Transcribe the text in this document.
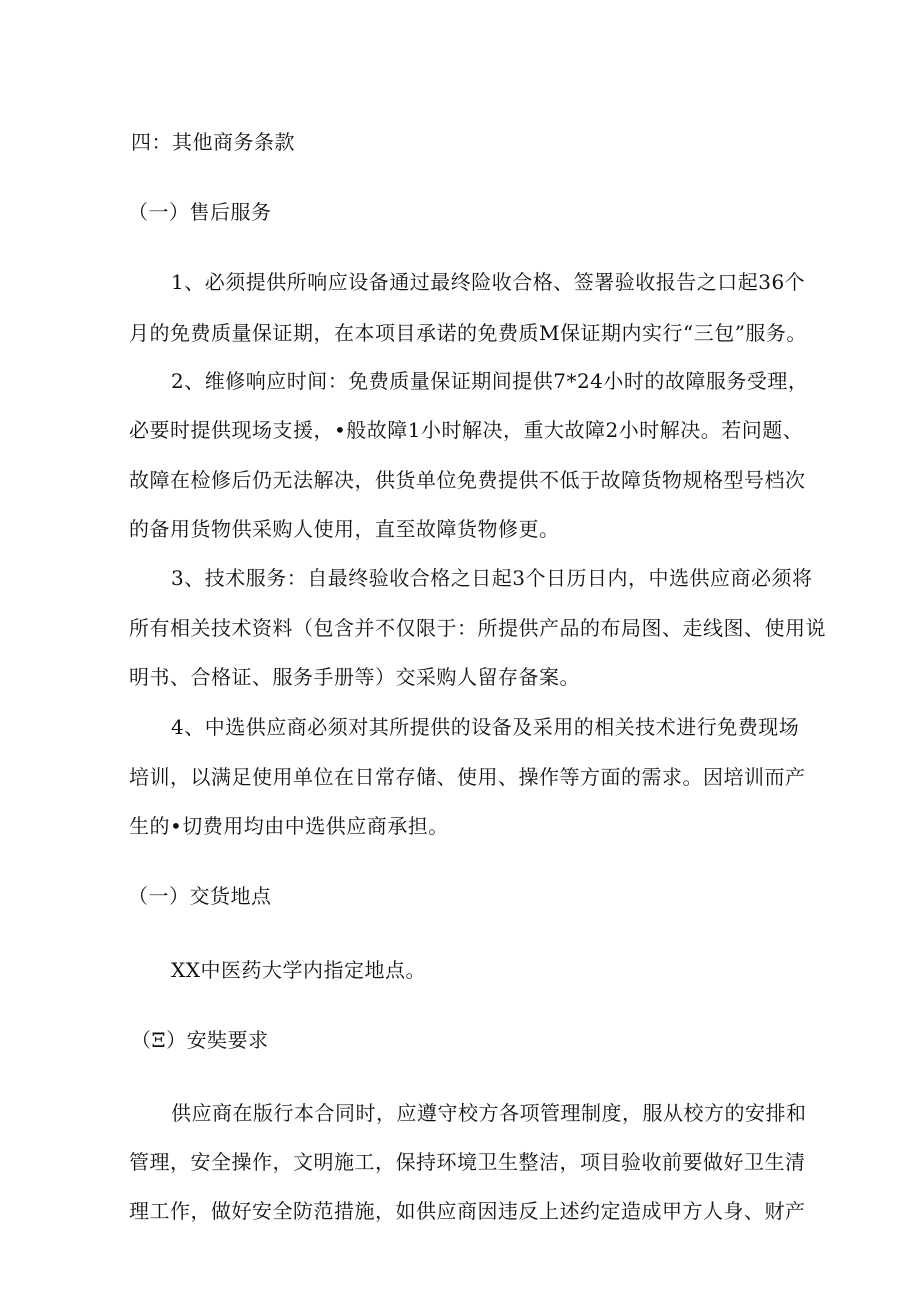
四：其他商务条款
（一）售后服务
1、必须提供所响应设备通过最终险收合格、签署验收报告之口起36个
月的免费质量保证期，在本项目承诺的免费质M保证期内实行“三包”服务。
2、维修响应时间：免费质量保证期间提供7*24小时的故障服务受理，
必要时提供现场支援，•般故障1小时解决，重大故障2小时解决。若问题、
故障在检修后仍无法解决，供货单位免费提供不低于故障货物规格型号档次
的备用货物供采购人使用，直至故障货物修更。
3、技术服务：自最终验收合格之日起3个日历日内，中选供应商必须将
所有相关技术资料（包含并不仅限于：所提供产品的布局图、走线图、使用说
明书、合格证、服务手册等）交采购人留存备案。
4、中选供应商必须对其所提供的设备及采用的相关技术进行免费现场
培训，以满足使用单位在日常存储、使用、操作等方面的需求。因培训而产
生的•切费用均由中选供应商承担。
（一）交货地点
XX中医药大学内指定地点。
（Ξ）安奘要求
供应商在版行本合同时，应遵守校方各项管理制度，服从校方的安排和
管理，安全操作，文明施工，保持环境卫生整洁，项目验收前要做好卫生清
理工作，做好安全防范措施，如供应商因违反上述约定造成甲方人身、财产
